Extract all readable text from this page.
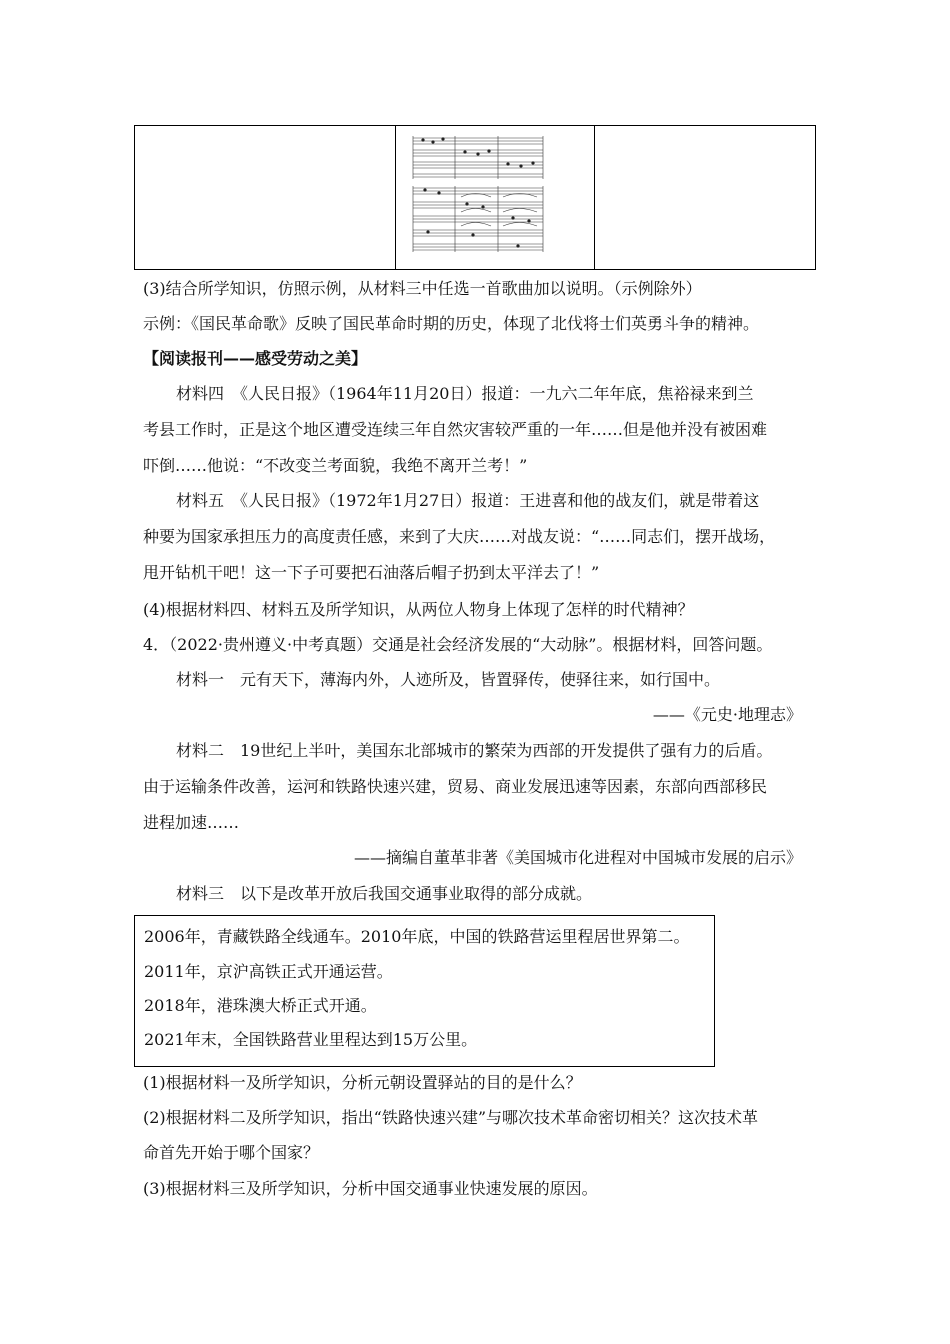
(3)结合所学知识，仿照示例，从材料三中任选一首歌曲加以说明。（示例除外）
示例：《国民革命歌》反映了国民革命时期的历史，体现了北伐将士们英勇斗争的精神。
【阅读报刊——感受劳动之美】
材料四　《人民日报》（1964年11月20日）报道：一九六二年年底，焦裕禄来到兰
考县工作时，正是这个地区遭受连续三年自然灾害较严重的一年……但是他并没有被困难
吓倒……他说：“不改变兰考面貌，我绝不离开兰考！”
材料五　《人民日报》（1972年1月27日）报道：王进喜和他的战友们，就是带着这
种要为国家承担压力的高度责任感，来到了大庆……对战友说：“……同志们，摆开战场，
甩开钻机干吧！这一下子可要把石油落后帽子扔到太平洋去了！”
(4)根据材料四、材料五及所学知识，从两位人物身上体现了怎样的时代精神？
4．（2022·贵州遵义·中考真题）交通是社会经济发展的“大动脉”。根据材料，回答问题。
材料一　元有天下，薄海内外，人迹所及，皆置驿传，使驿往来，如行国中。
——《元史·地理志》
材料二　19世纪上半叶，美国东北部城市的繁荣为西部的开发提供了强有力的后盾。
由于运输条件改善，运河和铁路快速兴建，贸易、商业发展迅速等因素，东部向西部移民
进程加速……
——摘编自董革非著《美国城市化进程对中国城市发展的启示》
材料三　以下是改革开放后我国交通事业取得的部分成就。
2006年，青藏铁路全线通车。2010年底，中国的铁路营运里程居世界第二。
2011年，京沪高铁正式开通运营。
2018年，港珠澳大桥正式开通。
2021年末，全国铁路营业里程达到15万公里。
(1)根据材料一及所学知识，分析元朝设置驿站的目的是什么？
(2)根据材料二及所学知识，指出“铁路快速兴建”与哪次技术革命密切相关？这次技术革
命首先开始于哪个国家？
(3)根据材料三及所学知识，分析中国交通事业快速发展的原因。
